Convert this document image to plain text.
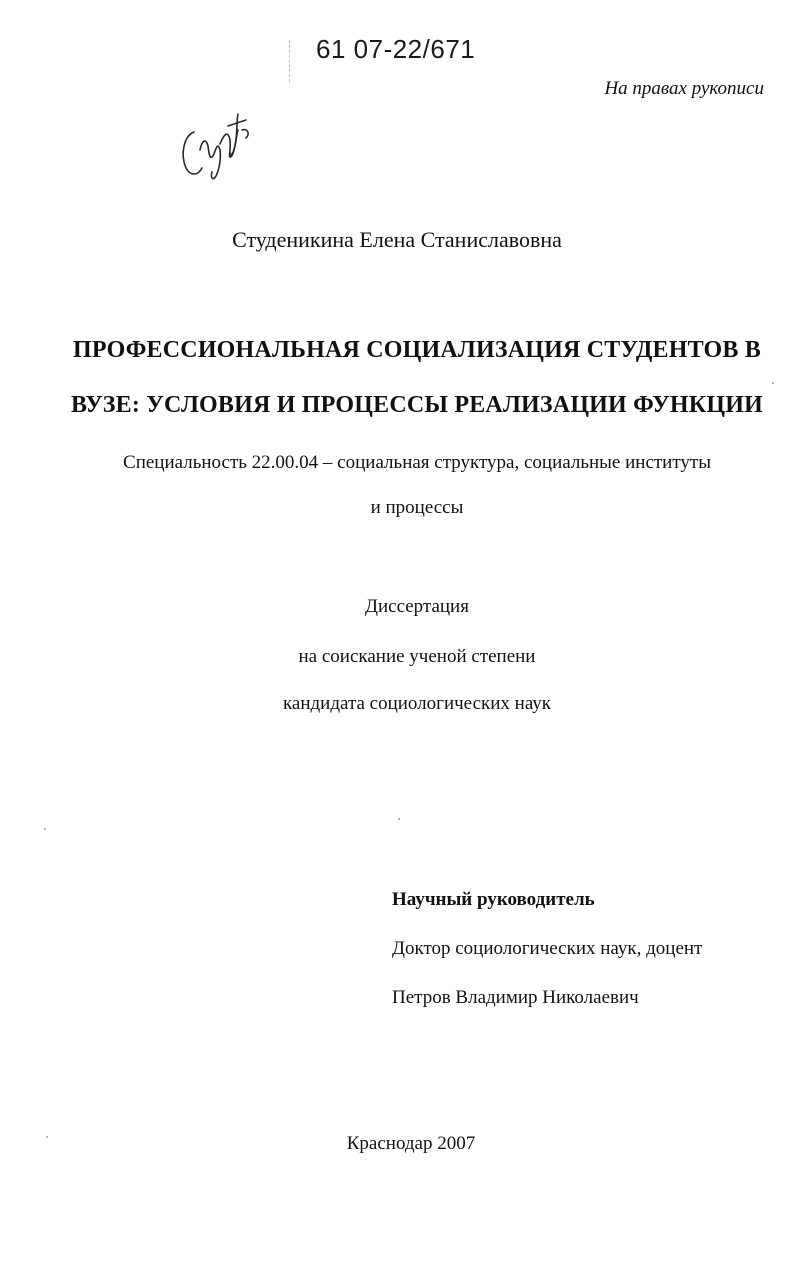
61 07-22/671
На правах рукописи
Студеникина Елена Станиславовна
ПРОФЕССИОНАЛЬНАЯ СОЦИАЛИЗАЦИЯ СТУДЕНТОВ В
ВУЗЕ: УСЛОВИЯ И ПРОЦЕССЫ РЕАЛИЗАЦИИ ФУНКЦИИ
Специальность 22.00.04 – социальная структура, социальные институты
и процессы
Диссертация
на соискание ученой степени
кандидата социологических наук
Научный руководитель
Доктор социологических наук, доцент
Петров Владимир Николаевич
Краснодар 2007
